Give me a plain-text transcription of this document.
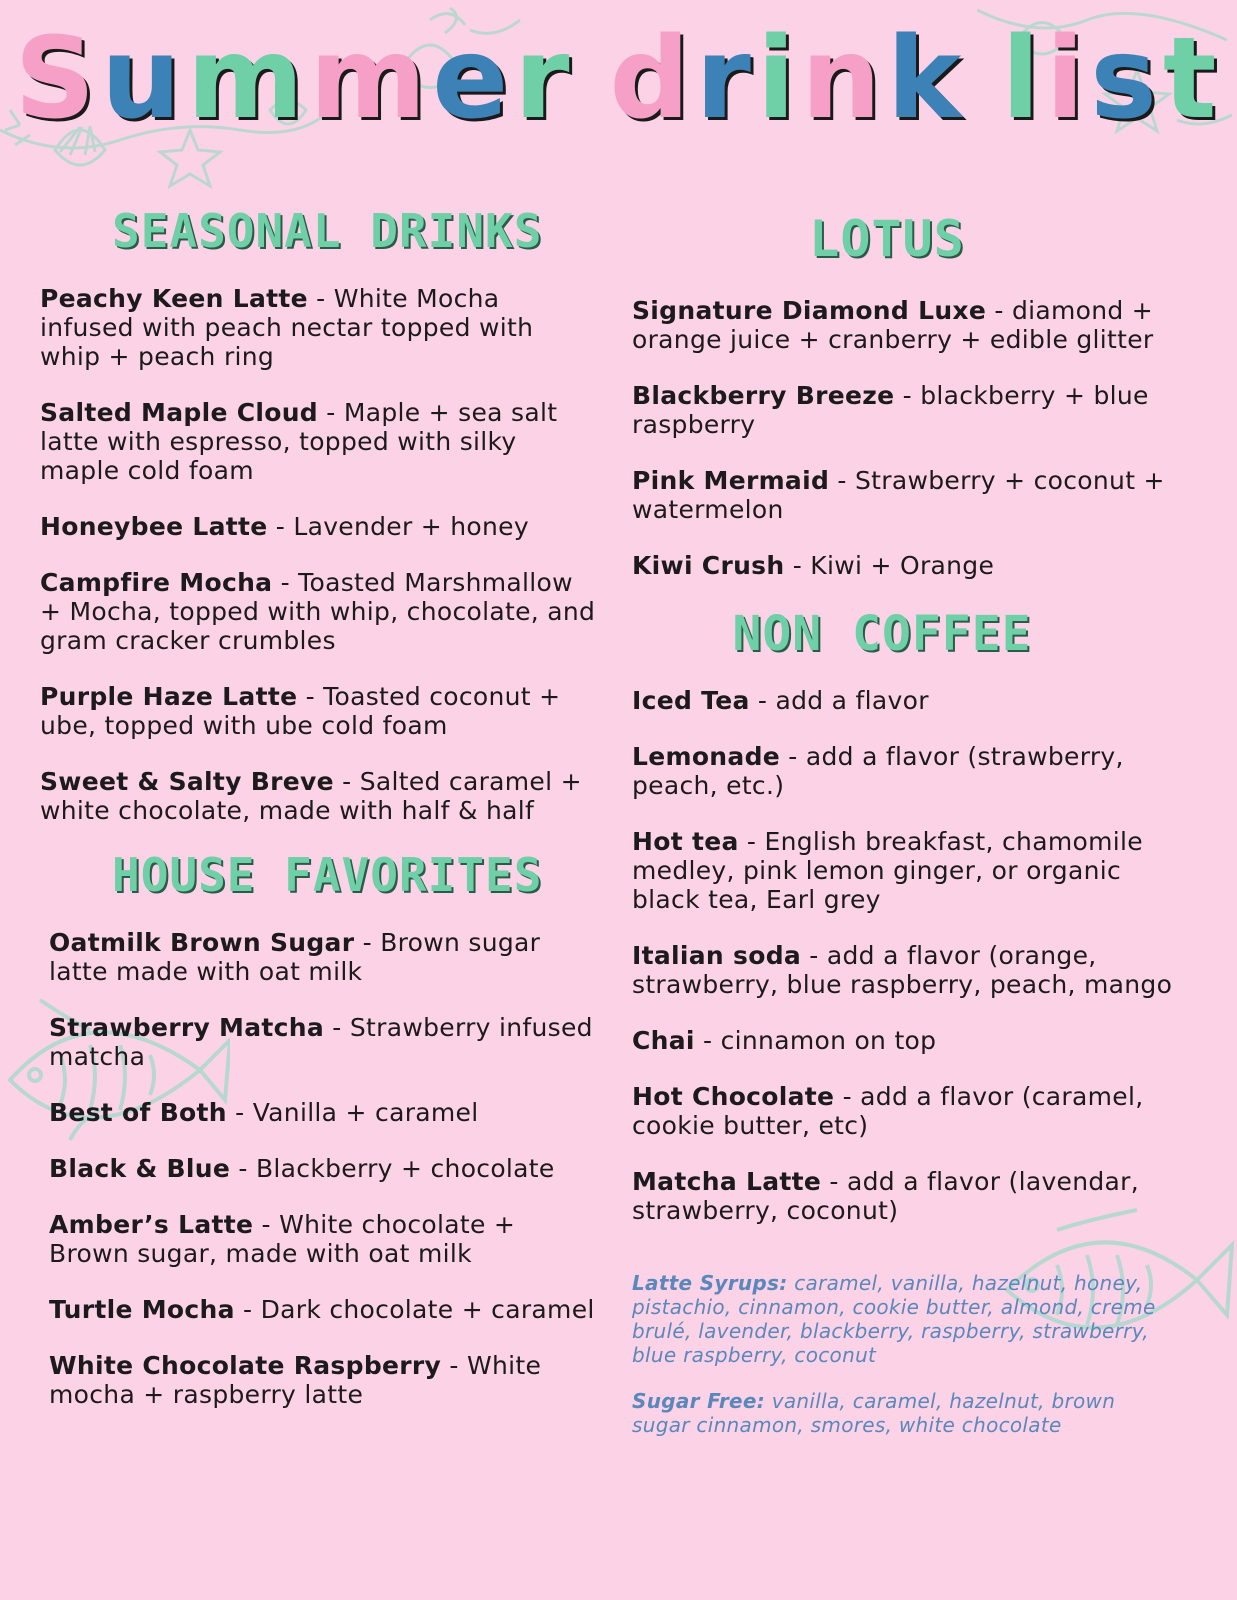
Summer drink list
SEASONAL DRINKS
Peachy Keen Latte - White Mocha infused with peach nectar topped with whip + peach ring
Salted Maple Cloud - Maple + sea salt latte with espresso, topped with silky maple cold foam
Honeybee Latte - Lavender + honey
Campfire Mocha - Toasted Marshmallow + Mocha, topped with whip, chocolate, and gram cracker crumbles
Purple Haze Latte - Toasted coconut + ube, topped with ube cold foam
Sweet & Salty Breve - Salted caramel + white chocolate, made with half & half
HOUSE FAVORITES
Oatmilk Brown Sugar - Brown sugar latte made with oat milk
Strawberry Matcha - Strawberry infused matcha
Best of Both - Vanilla + caramel
Black & Blue - Blackberry + chocolate
Amber’s Latte - White chocolate + Brown sugar, made with oat milk
Turtle Mocha - Dark chocolate + caramel
White Chocolate Raspberry - White mocha + raspberry latte
LOTUS
Signature Diamond Luxe - diamond + orange juice + cranberry + edible glitter
Blackberry Breeze - blackberry + blue raspberry
Pink Mermaid - Strawberry + coconut + watermelon
Kiwi Crush - Kiwi + Orange
NON COFFEE
Iced Tea - add a flavor
Lemonade - add a flavor (strawberry, peach, etc.)
Hot tea - English breakfast, chamomile medley, pink lemon ginger, or organic black tea, Earl grey
Italian soda - add a flavor (orange, strawberry, blue raspberry, peach, mango
Chai - cinnamon on top
Hot Chocolate - add a flavor (caramel, cookie butter, etc)
Matcha Latte - add a flavor (lavendar, strawberry, coconut)
Latte Syrups: caramel, vanilla, hazelnut, honey, pistachio, cinnamon, cookie butter, almond, creme brulé, lavender, blackberry, raspberry, strawberry, blue raspberry, coconut
Sugar Free: vanilla, caramel, hazelnut, brown sugar cinnamon, smores, white chocolate
